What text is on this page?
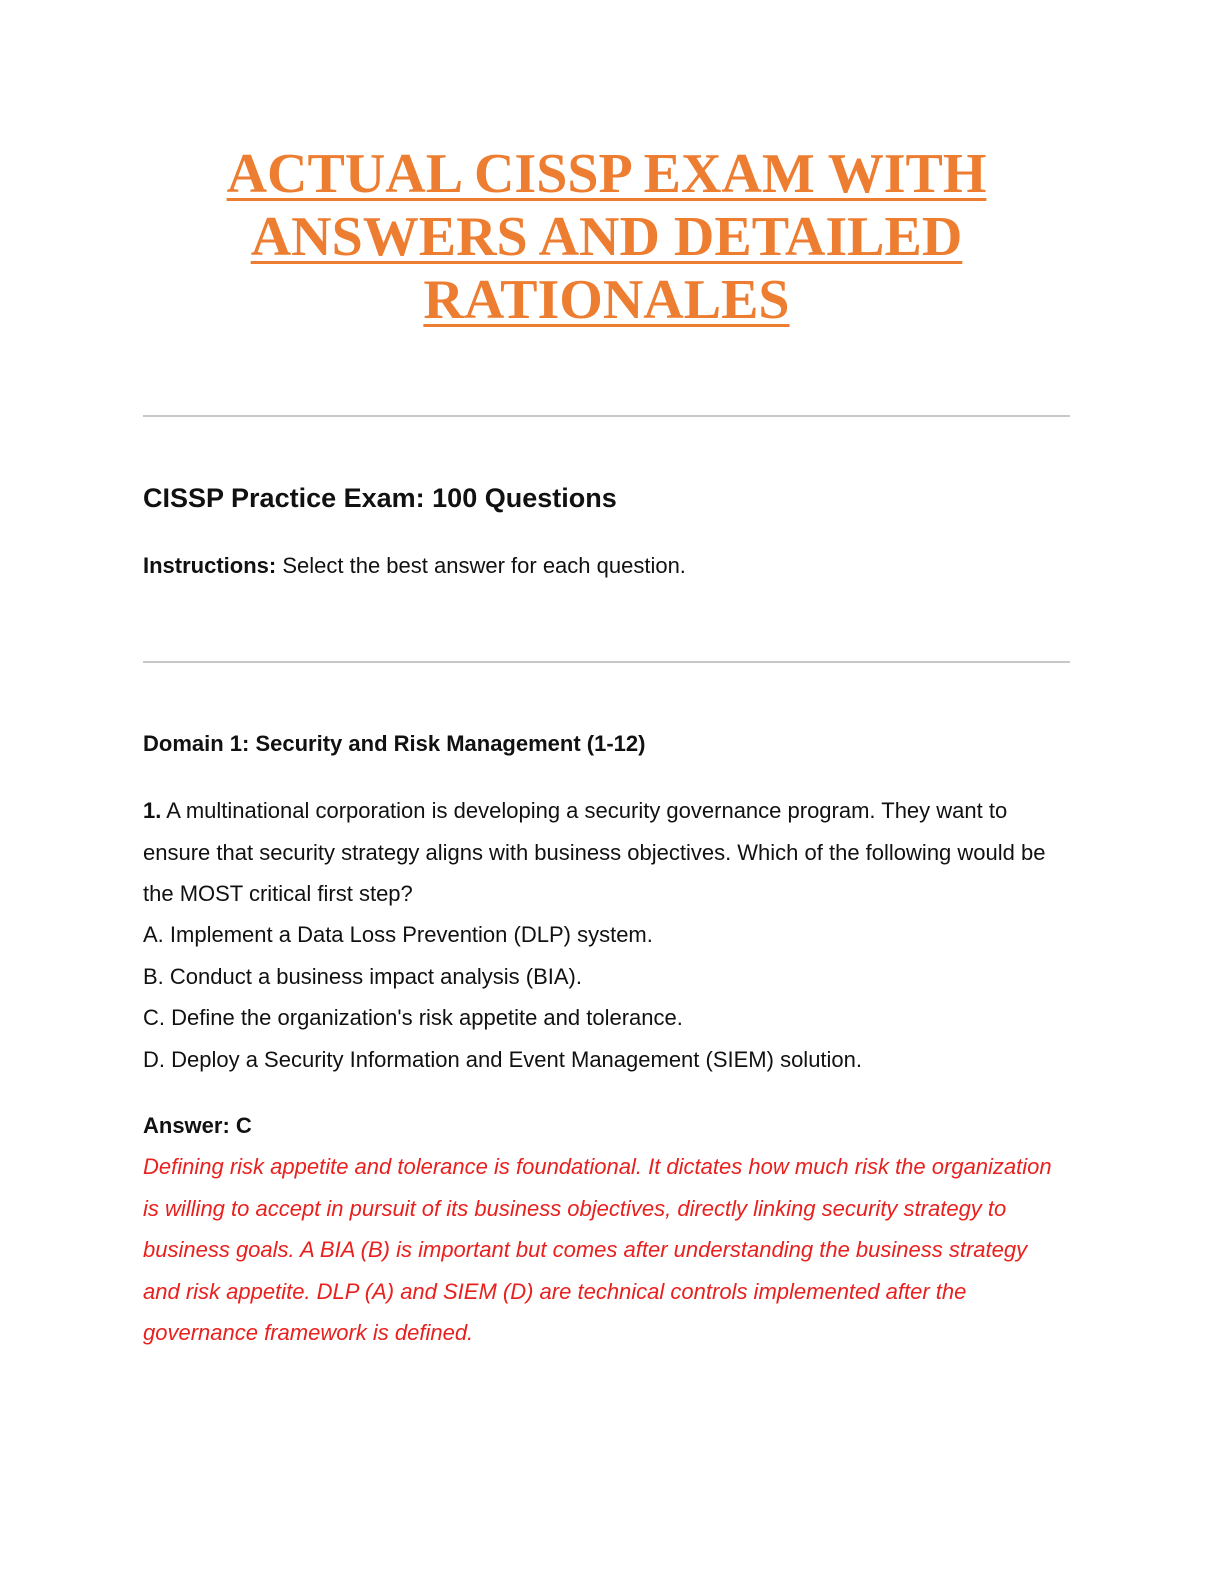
ACTUAL CISSP EXAM WITH
ANSWERS AND DETAILED
RATIONALES
CISSP Practice Exam: 100 Questions

Instructions: Select the best answer for each question.

Domain 1: Security and Risk Management (1-12)

1. A multinational corporation is developing a security governance program. They want to ensure that security strategy aligns with business objectives. Which of the following would be the MOST critical first step?

A. Implement a Data Loss Prevention (DLP) system.

B. Conduct a business impact analysis (BIA).

C. Define the organization's risk appetite and tolerance.

D. Deploy a Security Information and Event Management (SIEM) solution.

Answer: C

Defining risk appetite and tolerance is foundational. It dictates how much risk the organization is willing to accept in pursuit of its business objectives, directly linking security strategy to business goals. A BIA (B) is important but comes after understanding the business strategy and risk appetite. DLP (A) and SIEM (D) are technical controls implemented after the governance framework is defined.
